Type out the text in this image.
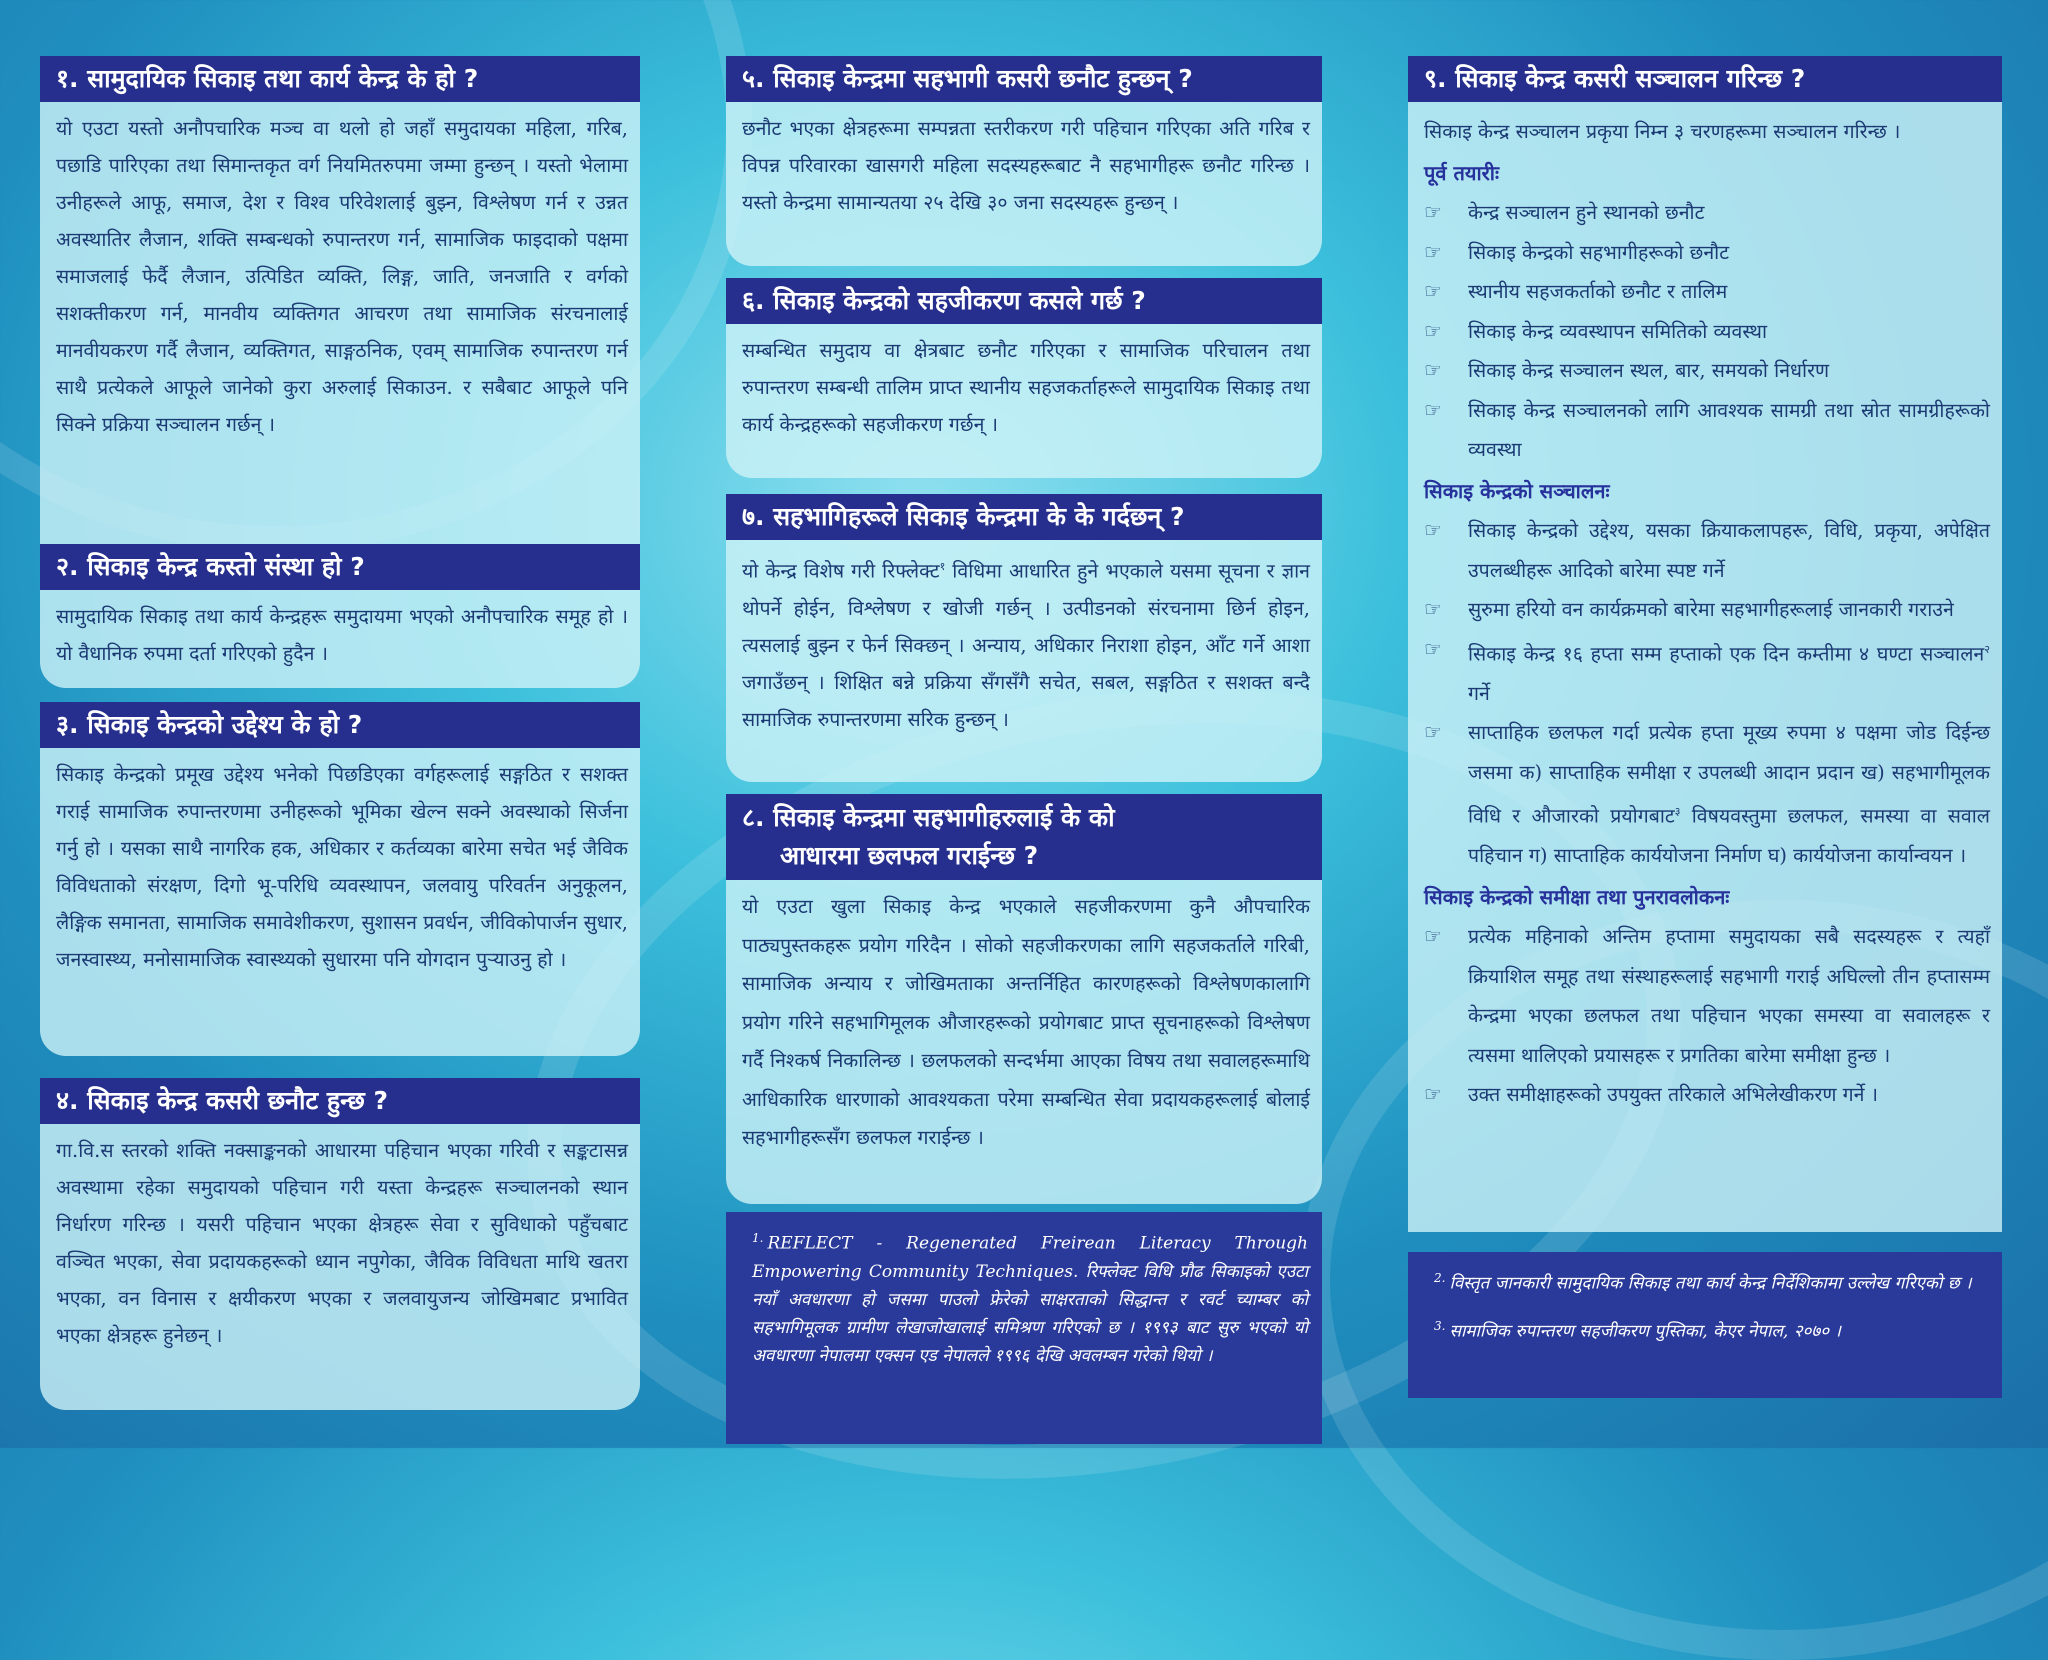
१. सामुदायिक सिकाइ तथा कार्य केन्द्र के हो ?
यो एउटा यस्तो अनौपचारिक मञ्च वा थलो हो जहाँ समुदायका महिला, गरिब, पछाडि पारिएका तथा सिमान्तकृत वर्ग नियमितरुपमा जम्मा हुन्छन् । यस्तो भेलामा उनीहरूले आफू, समाज, देश र विश्व परिवेशलाई बुझ्न, विश्लेषण गर्न र उन्नत अवस्थातिर लैजान, शक्ति सम्बन्धको रुपान्तरण गर्न, सामाजिक फाइदाको पक्षमा समाजलाई फेर्दै लैजान, उत्पिडित व्यक्ति, लिङ्ग, जाति, जनजाति र वर्गको सशक्तीकरण गर्न, मानवीय व्यक्तिगत आचरण तथा सामाजिक संरचनालाई मानवीयकरण गर्दै लैजान, व्यक्तिगत, साङ्गठनिक, एवम् सामाजिक रुपान्तरण गर्न साथै प्रत्येकले आफूले जानेको कुरा अरुलाई सिकाउन. र सबैबाट आफूले पनि सिक्ने प्रक्रिया सञ्चालन गर्छन् ।
२. सिकाइ केन्द्र कस्तो संस्था हो ?
सामुदायिक सिकाइ तथा कार्य केन्द्रहरू समुदायमा भएको अनौपचारिक समूह हो । यो वैधानिक रुपमा दर्ता गरिएको हुदैन ।
३. सिकाइ केन्द्रको उद्देश्य के हो ?
सिकाइ केन्द्रको प्रमूख उद्देश्य भनेको पिछडिएका वर्गहरूलाई सङ्गठित र सशक्त गराई सामाजिक रुपान्तरणमा उनीहरूको भूमिका खेल्न सक्ने अवस्थाको सिर्जना गर्नु हो । यसका साथै नागरिक हक, अधिकार र कर्तव्यका बारेमा सचेत भई जैविक विविधताको संरक्षण, दिगो भू-परिधि व्यवस्थापन, जलवायु परिवर्तन अनुकूलन, लैङ्गिक समानता, सामाजिक समावेशीकरण, सुशासन प्रवर्धन, जीविकोपार्जन सुधार, जनस्वास्थ्य, मनोसामाजिक स्वास्थ्यको सुधारमा पनि योगदान पुऱ्याउनु हो ।
४. सिकाइ केन्द्र कसरी छनौट हुन्छ ?
गा.वि.स स्तरको शक्ति नक्साङ्कनको आधारमा पहिचान भएका गरिवी र सङ्कटासन्न अवस्थामा रहेका समुदायको पहिचान गरी यस्ता केन्द्रहरू सञ्चालनको स्थान निर्धारण गरिन्छ । यसरी पहिचान भएका क्षेत्रहरू सेवा र सुविधाको पहुँचबाट वञ्चित भएका, सेवा प्रदायकहरूको ध्यान नपुगेका, जैविक विविधता माथि खतरा भएका, वन विनास र क्षयीकरण भएका र जलवायुजन्य जोखिमबाट प्रभावित भएका क्षेत्रहरू हुनेछन् ।
५. सिकाइ केन्द्रमा सहभागी कसरी छनौट हुन्छन् ?
छनौट भएका क्षेत्रहरूमा सम्पन्नता स्तरीकरण गरी पहिचान गरिएका अति गरिब र विपन्न परिवारका खासगरी महिला सदस्यहरूबाट नै सहभागीहरू छनौट गरिन्छ । यस्तो केन्द्रमा सामान्यतया २५ देखि ३० जना सदस्यहरू हुन्छन् ।
६. सिकाइ केन्द्रको सहजीकरण कसले गर्छ ?
सम्बन्धित समुदाय वा क्षेत्रबाट छनौट गरिएका र सामाजिक परिचालन तथा रुपान्तरण सम्बन्धी तालिम प्राप्त स्थानीय सहजकर्ताहरूले सामुदायिक सिकाइ तथा कार्य केन्द्रहरूको सहजीकरण गर्छन् ।
७. सहभागिहरूले सिकाइ केन्द्रमा के के गर्दछन् ?
यो केन्द्र विशेष गरी रिफ्लेक्ट$^१$ विधिमा आधारित हुने भएकाले यसमा सूचना र ज्ञान थोपर्ने होईन, विश्लेषण र खोजी गर्छन् । उत्पीडनको संरचनामा छिर्न होइन, त्यसलाई बुझ्न र फेर्न सिक्छन् । अन्याय, अधिकार निराशा होइन, आँट गर्ने आशा जगाउँछन् । शिक्षित बन्ने प्रक्रिया सँगसँगै सचेत, सबल, सङ्गठित र सशक्त बन्दै सामाजिक रुपान्तरणमा सरिक हुन्छन् ।
८. सिकाइ केन्द्रमा सहभागीहरुलाई के को
आधारमा छलफल गराईन्छ ?
यो एउटा खुला सिकाइ केन्द्र भएकाले सहजीकरणमा कुनै औपचारिक पाठ्यपुस्तकहरू प्रयोग गरिदैन । सोको सहजीकरणका लागि सहजकर्ताले गरिबी, सामाजिक अन्याय र जोखिमताका अन्तर्निहित कारणहरूको विश्लेषणकालागि प्रयोग गरिने सहभागिमूलक औजारहरूको प्रयोगबाट प्राप्त सूचनाहरूको विश्लेषण गर्दै निश्कर्ष निकालिन्छ । छलफलको सन्दर्भमा आएका विषय तथा सवालहरूमाथि आधिकारिक धारणाको आवश्यकता परेमा सम्बन्धित सेवा प्रदायकहरूलाई बोलाई सहभागीहरूसँग छलफल गराईन्छ ।
$^{1.}$ REFLECT - Regenerated Freirean Literacy Through Empowering Community Techniques. रिफ्लेक्ट विधि प्रौढ सिकाइको एउटा नयाँ अवधारणा हो जसमा पाउलो फ्रेरेको साक्षरताको सिद्धान्त र रवर्ट च्याम्बर को सहभागिमूलक ग्रामीण लेखाजोखालाई समिश्रण गरिएको छ । १९९३ बाट सुरु भएको यो अवधारणा नेपालमा एक्सन एड नेपालले १९९६ देखि अवलम्बन गरेको थियो ।
९. सिकाइ केन्द्र कसरी सञ्चालन गरिन्छ ?
सिकाइ केन्द्र सञ्चालन प्रकृया निम्न ३ चरणहरूमा सञ्चालन गरिन्छ ।
पूर्व तयारीः
☞ केन्द्र सञ्चालन हुने स्थानको छनौट
☞ सिकाइ केन्द्रको सहभागीहरूको छनौट
☞ स्थानीय सहजकर्ताको छनौट र तालिम
☞ सिकाइ केन्द्र व्यवस्थापन समितिको व्यवस्था
☞ सिकाइ केन्द्र सञ्चालन स्थल, बार, समयको निर्धारण
☞ सिकाइ केन्द्र सञ्चालनको लागि आवश्यक सामग्री तथा स्रोत सामग्रीहरूको व्यवस्था
सिकाइ केन्द्रको सञ्चालनः
☞ सिकाइ केन्द्रको उद्देश्य, यसका क्रियाकलापहरू, विधि, प्रकृया, अपेक्षित उपलब्धीहरू आदिको बारेमा स्पष्ट गर्ने
☞ सुरुमा हरियो वन कार्यक्रमको बारेमा सहभागीहरूलाई जानकारी गराउने
☞ सिकाइ केन्द्र १६ हप्ता सम्म हप्ताको एक दिन कम्तीमा ४ घण्टा सञ्चालन$^२$ गर्ने
☞ साप्ताहिक छलफल गर्दा प्रत्येक हप्ता मूख्य रुपमा ४ पक्षमा जोड दिईन्छ जसमा क) साप्ताहिक समीक्षा र उपलब्धी आदान प्रदान ख) सहभागीमूलक विधि र औजारको प्रयोगबाट$^३$ विषयवस्तुमा छलफल, समस्या वा सवाल पहिचान ग) साप्ताहिक कार्ययोजना निर्माण घ) कार्ययोजना कार्यान्वयन ।
सिकाइ केन्द्रको समीक्षा तथा पुनरावलोकनः
☞ प्रत्येक महिनाको अन्तिम हप्तामा समुदायका सबै सदस्यहरू र त्यहाँ क्रियाशिल समूह तथा संस्थाहरूलाई सहभागी गराई अघिल्लो तीन हप्तासम्म केन्द्रमा भएका छलफल तथा पहिचान भएका समस्या वा सवालहरू र त्यसमा थालिएको प्रयासहरू र प्रगतिका बारेमा समीक्षा हुन्छ ।
☞ उक्त समीक्षाहरूको उपयुक्त तरिकाले अभिलेखीकरण गर्ने ।
$^{2.}$ विस्तृत जानकारी सामुदायिक सिकाइ तथा कार्य केन्द्र निर्देशिकामा उल्लेख गरिएको छ ।
$^{3.}$ सामाजिक रुपान्तरण सहजीकरण पुस्तिका, केएर नेपाल, २०७० ।
